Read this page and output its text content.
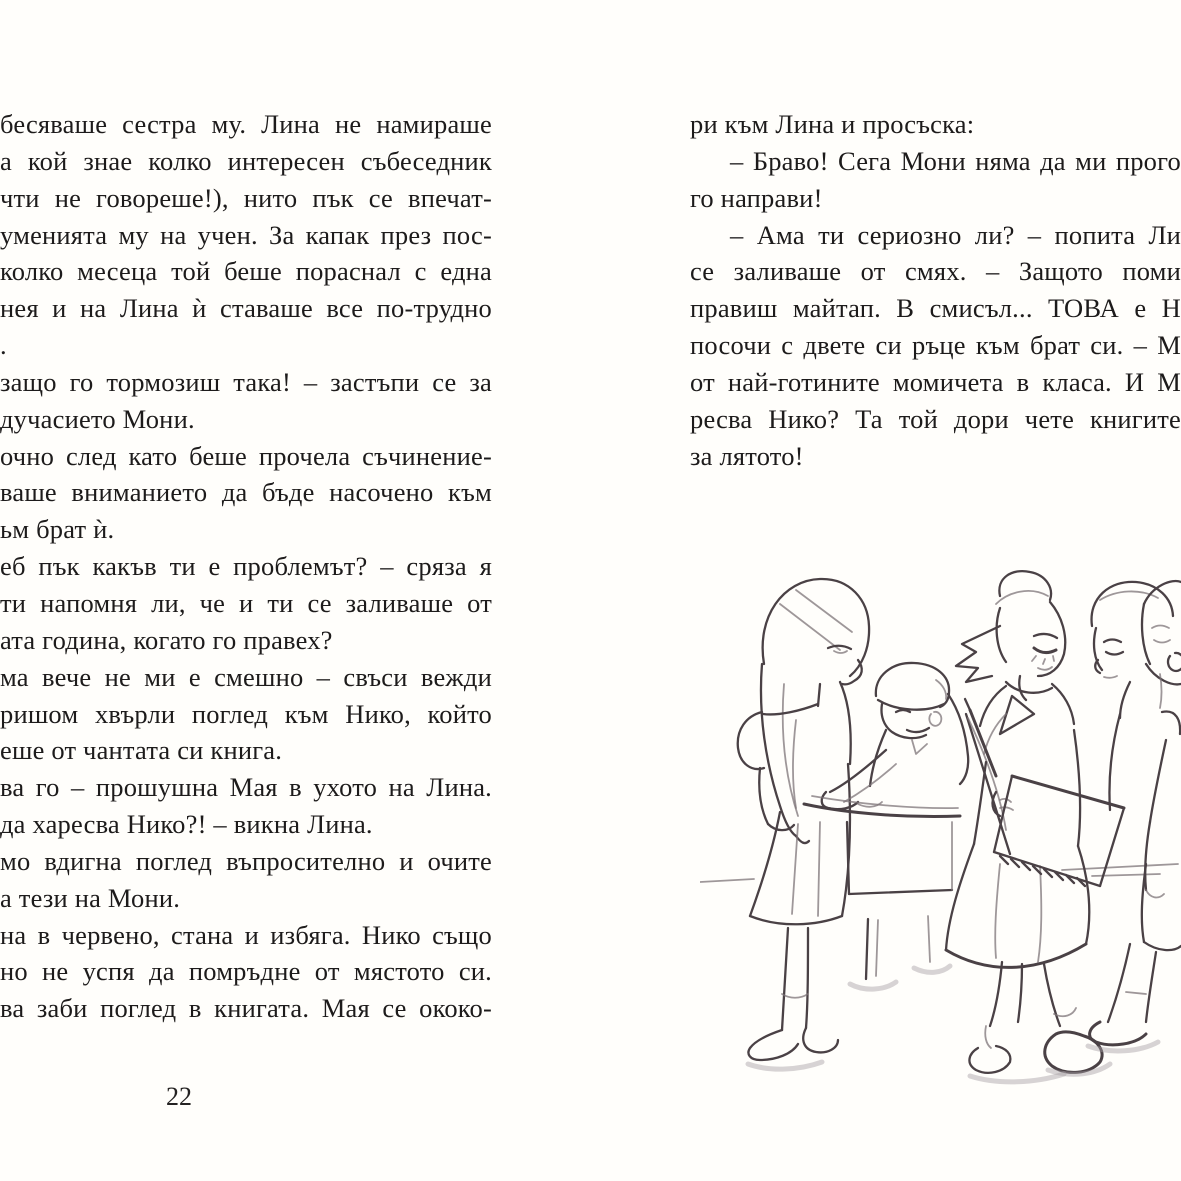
бесяваше сестра му. Лина не намираше
а кой знае колко интересен събеседник
чти не говореше!), нито пък се впечат-
уменията му на учен. За капак през пос-
колко месеца той беше пораснал с една
нея и на Лина ѝ ставаше все по-трудно
.
защо го тормозиш така! – застъпи се за
дучасието Мони.
очно след като беше прочела съчинение-
ваше вниманието да бъде насочено към
ьм брат ѝ.
еб пък какъв ти е проблемът? – сряза я
ти напомня ли, че и ти се заливаше от
ата година, когато го правех?
ма вече не ми е смешно – свъси вежди
ришом хвърли поглед към Нико, който
еше от чантата си книга.
ва го – прошушна Мая в ухото на Лина.
да харесва Нико?! – викна Лина.
мо вдигна поглед въпросително и очите
а тези на Мони.
на в червено, стана и избяга. Нико също
но не успя да помръдне от мястото си.
ва заби поглед в книгата. Мая се ококо-
ри към Лина и просъска:
– Браво! Сега Мони няма да ми прого
го направи!
– Ама ти сериозно ли? – попита Ли
се заливаше от смях. – Защото поми
правиш майтап. В смисъл... ТОВА е Н
посочи с двете си ръце към брат си. – М
от най-готините момичета в класа. И М
ресва Нико? Та той дори чете книгите
за лятото!
22
